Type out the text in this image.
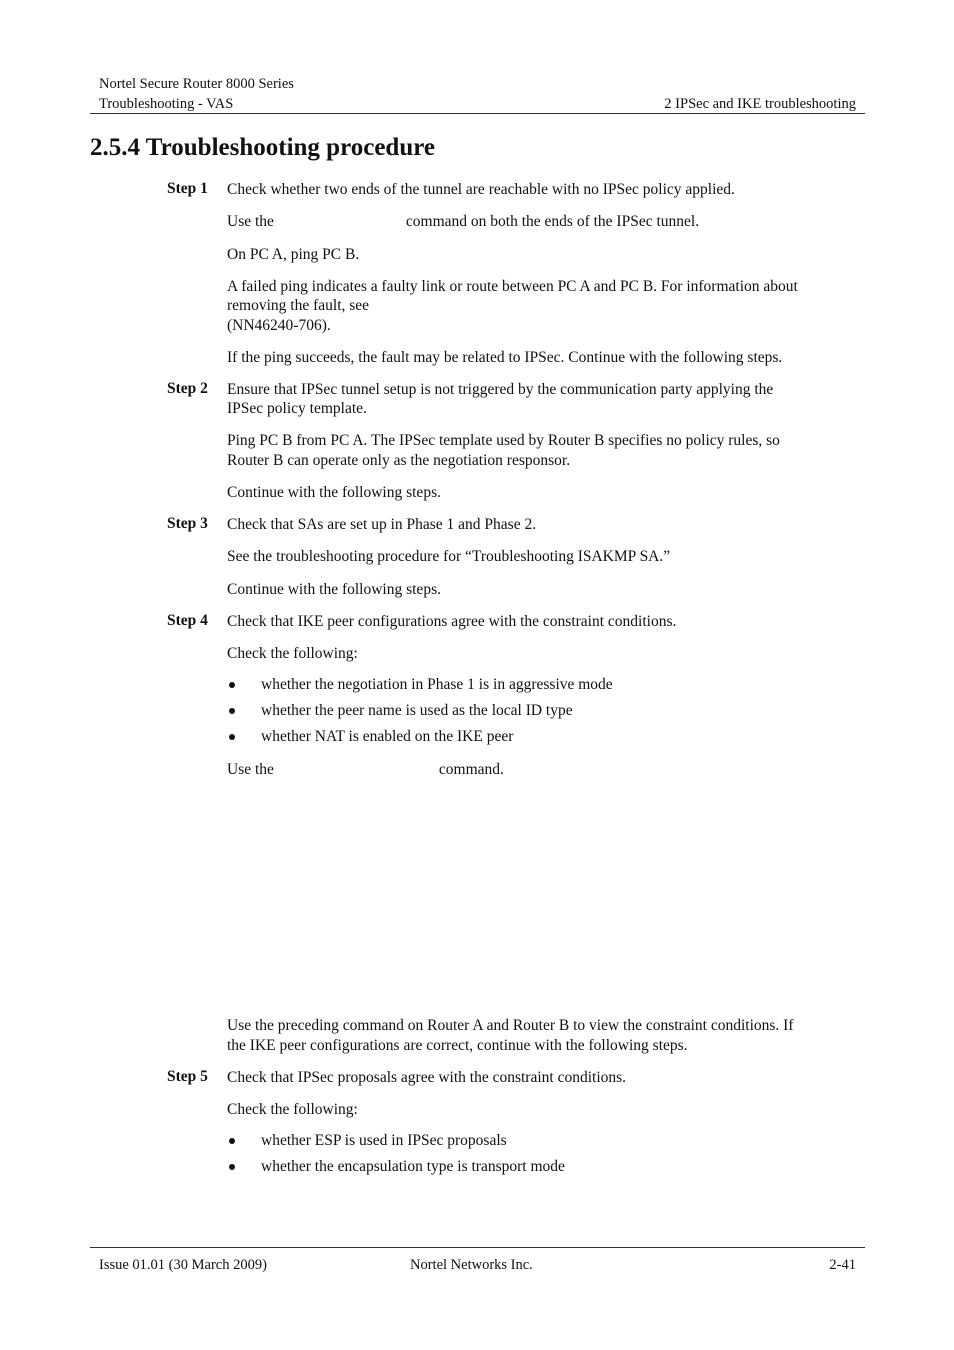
Nortel Secure Router 8000 Series
Troubleshooting - VAS	2 IPSec and IKE troubleshooting
2.5.4 Troubleshooting procedure
Step 1 Check whether two ends of the tunnel are reachable with no IPSec policy applied.
Use the	command on both the ends of the IPSec tunnel.
On PC A, ping PC B.
A failed ping indicates a faulty link or route between PC A and PC B. For information about
removing the fault, see
(NN46240-706).
If the ping succeeds, the fault may be related to IPSec. Continue with the following steps.
Step 2 Ensure that IPSec tunnel setup is not triggered by the communication party applying the
IPSec policy template.
Ping PC B from PC A. The IPSec template used by Router B specifies no policy rules, so
Router B can operate only as the negotiation responsor.
Continue with the following steps.
Step 3 Check that SAs are set up in Phase 1 and Phase 2.
See the troubleshooting procedure for “Troubleshooting ISAKMP SA.”
Continue with the following steps.
Step 4 Check that IKE peer configurations agree with the constraint conditions.
Check the following:
whether the negotiation in Phase 1 is in aggressive mode
whether the peer name is used as the local ID type
whether NAT is enabled on the IKE peer
Use the	command.
Use the preceding command on Router A and Router B to view the constraint conditions. If
the IKE peer configurations are correct, continue with the following steps.
Step 5 Check that IPSec proposals agree with the constraint conditions.
Check the following:
whether ESP is used in IPSec proposals
whether the encapsulation type is transport mode
Issue 01.01 (30 March 2009)	Nortel Networks Inc.	2-41
